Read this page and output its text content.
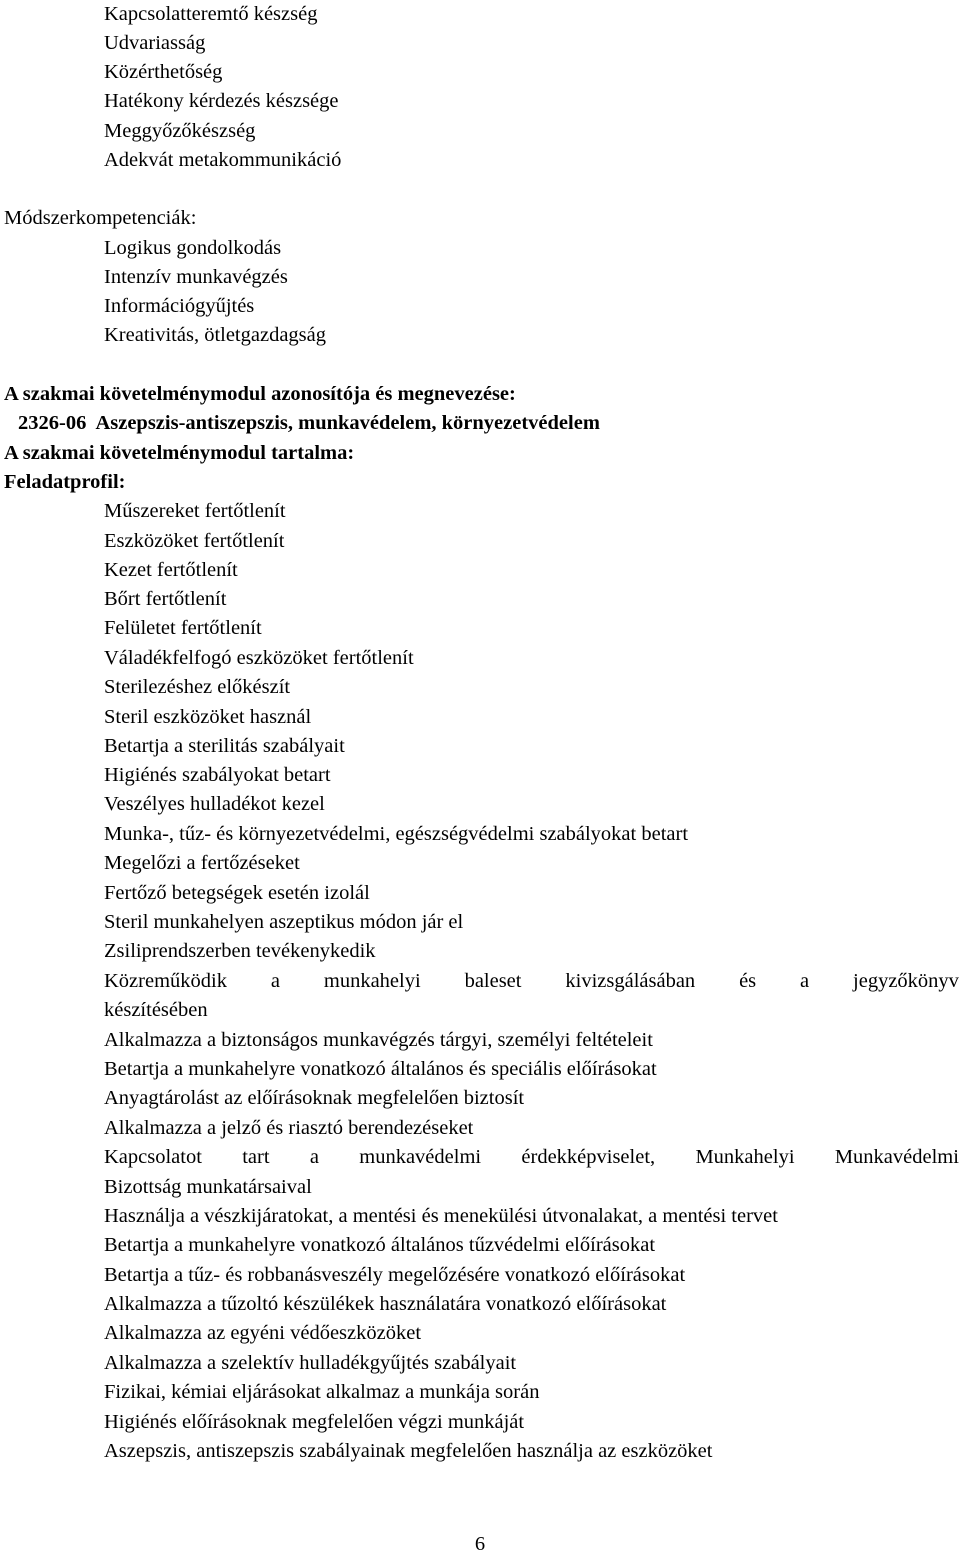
Kapcsolatteremtő készség
Udvariasság
Közérthetőség
Hatékony kérdezés készsége
Meggyőzőkészség
Adekvát metakommunikáció
Módszerkompetenciák:
Logikus gondolkodás
Intenzív munkavégzés
Információgyűjtés
Kreativitás, ötletgazdagság
A szakmai követelménymodul azonosítója és megnevezése:
2326-06  Aszepszis-antiszepszis, munkavédelem, környezetvédelem
A szakmai követelménymodul tartalma:
Feladatprofil:
Műszereket fertőtlenít
Eszközöket fertőtlenít
Kezet fertőtlenít
Bőrt fertőtlenít
Felületet fertőtlenít
Váladékfelfogó eszközöket fertőtlenít
Sterilezéshez előkészít
Steril eszközöket használ
Betartja a sterilitás szabályait
Higiénés szabályokat betart
Veszélyes hulladékot kezel
Munka-, tűz- és környezetvédelmi, egészségvédelmi szabályokat betart
Megelőzi a fertőzéseket
Fertőző betegségek esetén izolál
Steril munkahelyen aszeptikus módon jár el
Zsiliprendszerben tevékenykedik
Közreműködik a munkahelyi baleset kivizsgálásában és a jegyzőkönyv
készítésében
Alkalmazza a biztonságos munkavégzés tárgyi, személyi feltételeit
Betartja a munkahelyre vonatkozó általános és speciális előírásokat
Anyagtárolást az előírásoknak megfelelően biztosít
Alkalmazza a jelző és riasztó berendezéseket
Kapcsolatot tart a munkavédelmi érdekképviselet, Munkahelyi Munkavédelmi
Bizottság munkatársaival
Használja a vészkijáratokat, a mentési és menekülési útvonalakat, a mentési tervet
Betartja a munkahelyre vonatkozó általános tűzvédelmi előírásokat
Betartja a tűz- és robbanásveszély megelőzésére vonatkozó előírásokat
Alkalmazza a tűzoltó készülékek használatára vonatkozó előírásokat
Alkalmazza az egyéni védőeszközöket
Alkalmazza a szelektív hulladékgyűjtés szabályait
Fizikai, kémiai eljárásokat alkalmaz a munkája során
Higiénés előírásoknak megfelelően végzi munkáját
Aszepszis, antiszepszis szabályainak megfelelően használja az eszközöket
6
